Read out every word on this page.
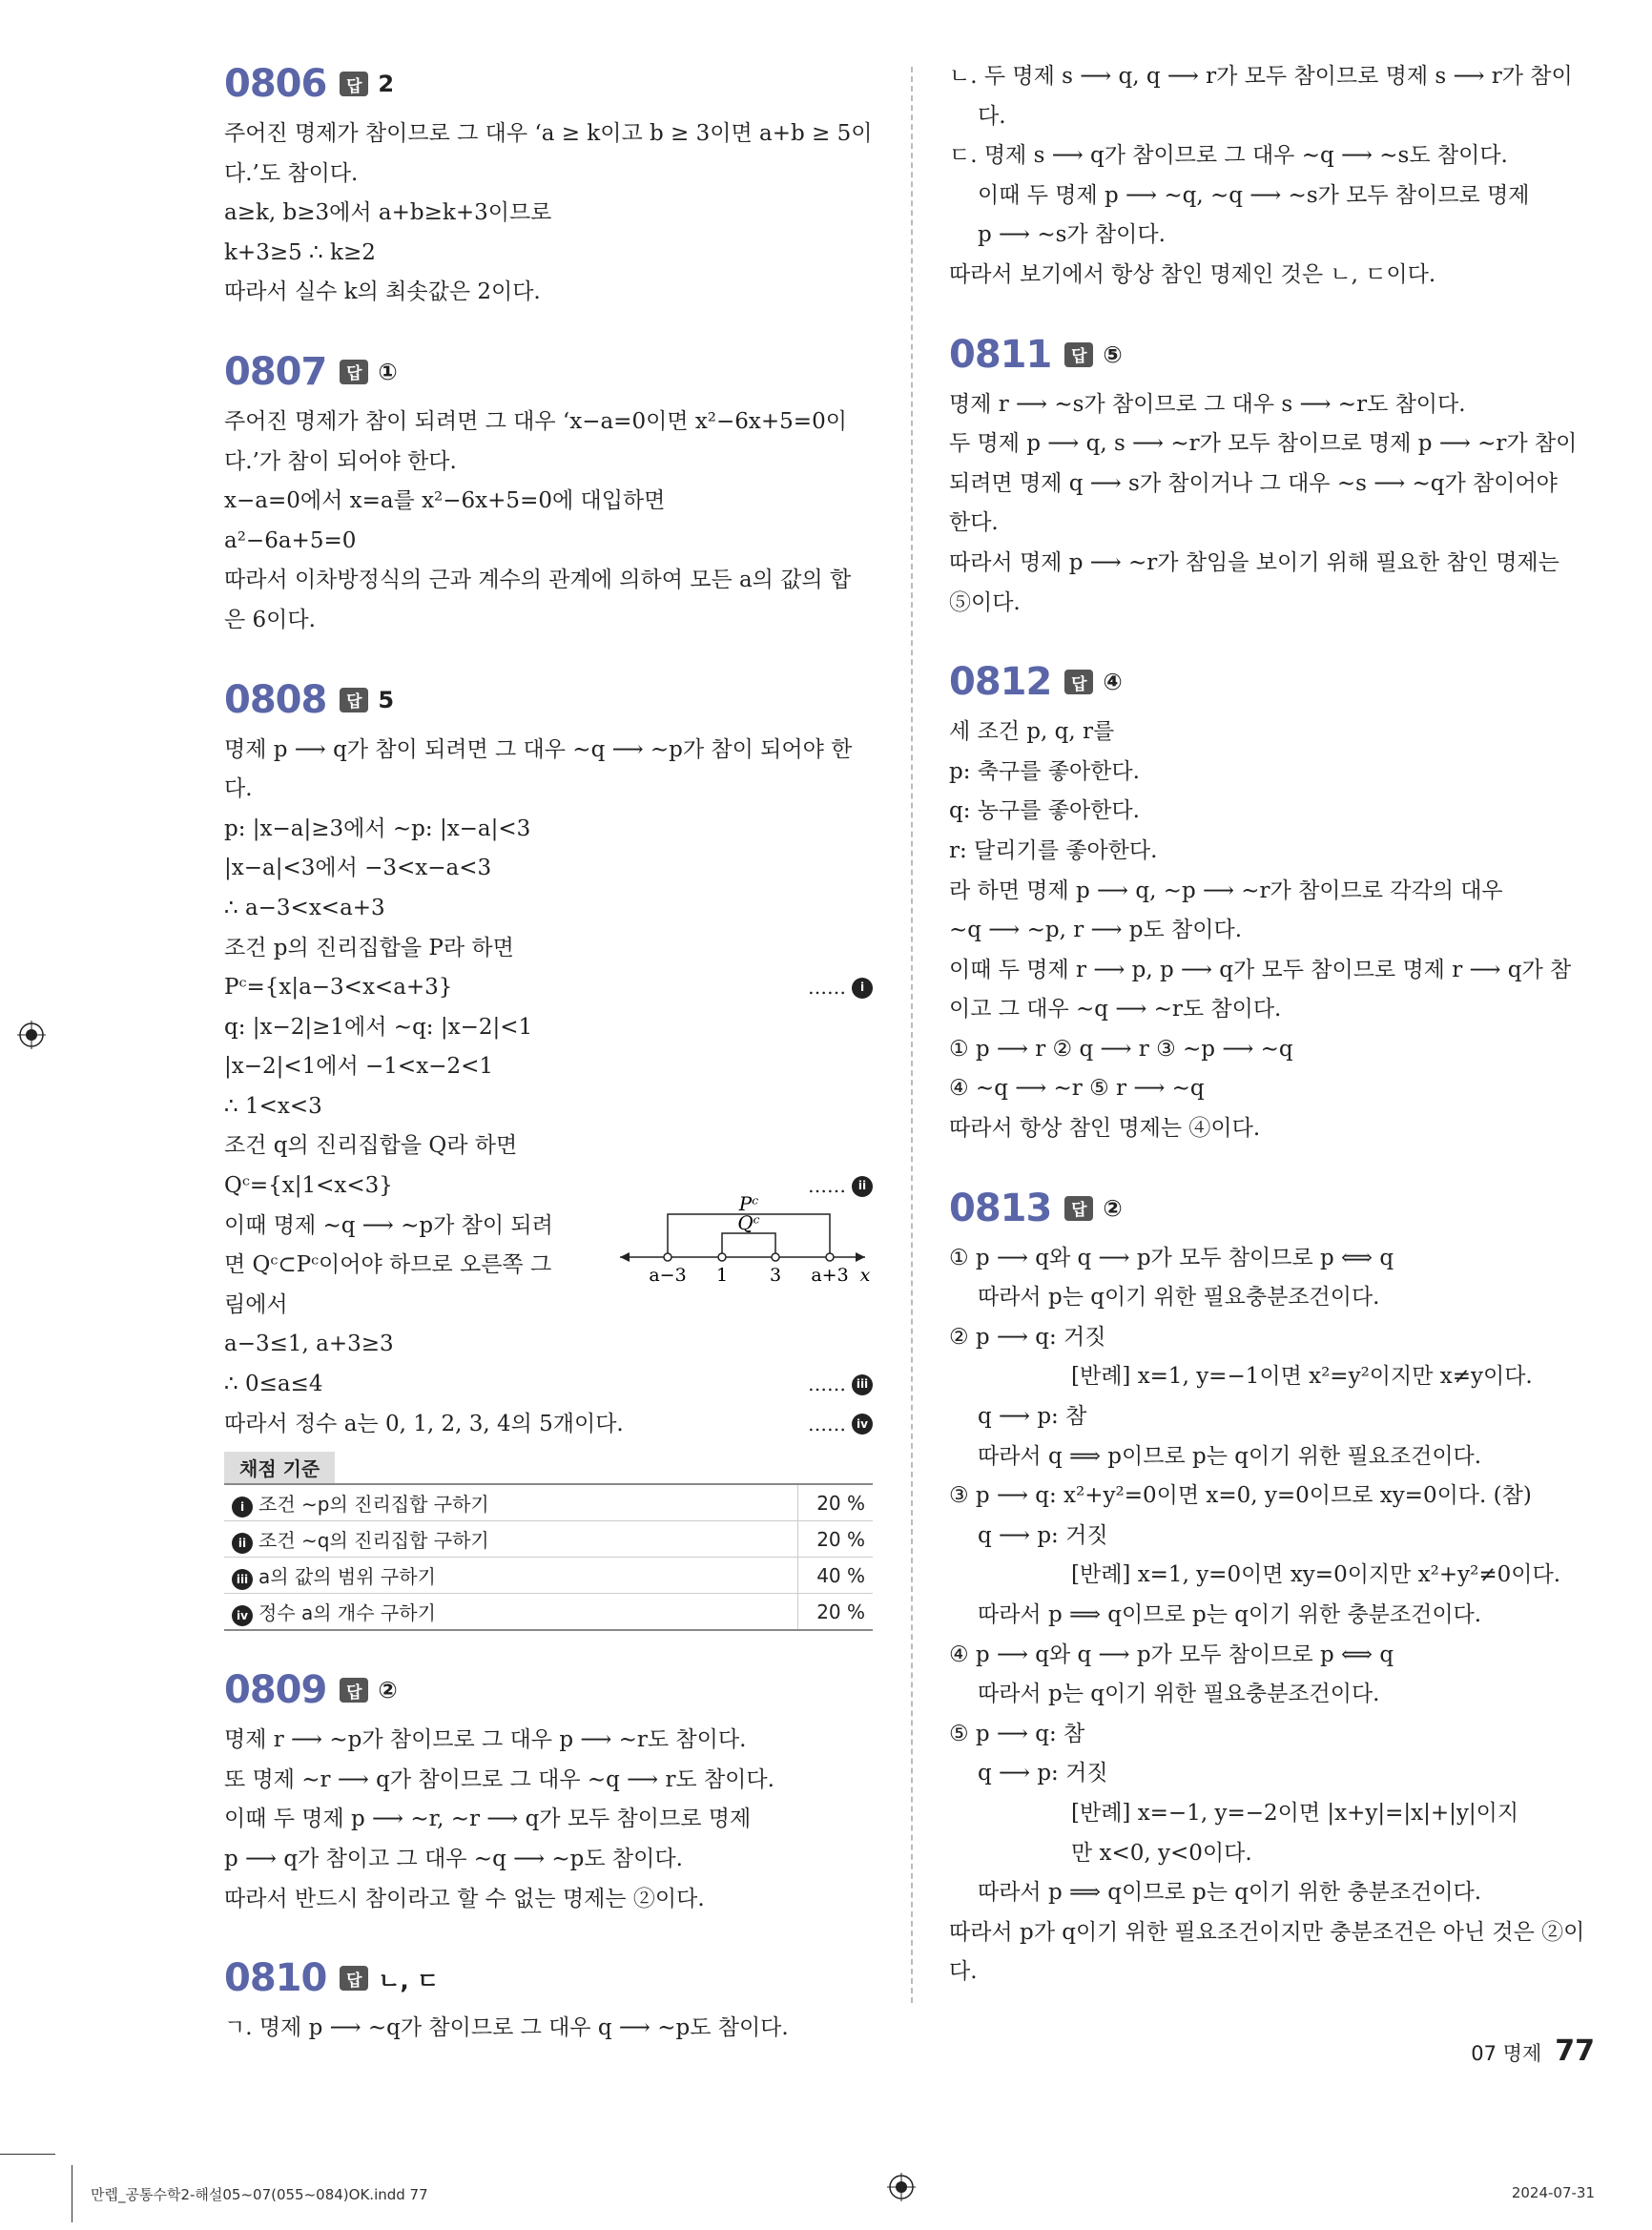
0806	답 2
주어진 명제가 참이므로 그 대우 ‘a ≥ k이고 b ≥ 3이면 a+b ≥ 5이
다.’도 참이다.
a≥k, b≥3에서 a+b≥k+3이므로
k+3≥5 ∴ k≥2
따라서 실수 k의 최솟값은 2이다.
0807	답 ①
주어진 명제가 참이 되려면 그 대우 ‘x−a=0이면 x²−6x+5=0이
다.’가 참이 되어야 한다.
x−a=0에서 x=a를 x²−6x+5=0에 대입하면
a²−6a+5=0
따라서 이차방정식의 근과 계수의 관계에 의하여 모든 a의 값의 합
은 6이다.
0808	답 5
명제 p ⟶ q가 참이 되려면 그 대우 ∼q ⟶ ∼p가 참이 되어야 한
다.
p: |x−a|≥3에서 ∼p: |x−a|<3
|x−a|<3에서 −3<x−a<3
∴ a−3<x<a+3
조건 p의 진리집합을 P라 하면
Pᶜ={x|a−3<x<a+3}	……	i
q: |x−2|≥1에서 ∼q: |x−2|<1
|x−2|<1에서 −1<x−2<1
∴ 1<x<3
조건 q의 진리집합을 Q라 하면
Qᶜ={x|1<x<3}	……	ii
이때 명제 ∼q ⟶ ∼p가 참이 되려
면 Qᶜ⊂Pᶜ이어야 하므로 오른쪽 그
림에서
Pᶜ
Qᶜ
a−3 1 3 a+3 x
a−3≤1, a+3≥3
∴ 0≤a≤4	…… iii
따라서 정수 a는 0, 1, 2, 3, 4의 5개이다.	…… iv
채점 기준
i 조건 ∼p의 진리집합 구하기	20 %
ii 조건 ∼q의 진리집합 구하기	20 %
iii a의 값의 범위 구하기	40 %
iv 정수 a의 개수 구하기	20 %
0809	답 ②
명제 r ⟶ ∼p가 참이므로 그 대우 p ⟶ ∼r도 참이다.
또 명제 ∼r ⟶ q가 참이므로 그 대우 ∼q ⟶ r도 참이다.
이때 두 명제 p ⟶ ∼r, ∼r ⟶ q가 모두 참이므로 명제
p ⟶ q가 참이고 그 대우 ∼q ⟶ ∼p도 참이다.
따라서 반드시 참이라고 할 수 없는 명제는 ②이다.
0810	답 ㄴ, ㄷ
ㄱ. 명제 p ⟶ ∼q가 참이므로 그 대우 q ⟶ ∼p도 참이다.
ㄴ. 두 명제 s ⟶ q, q ⟶ r가 모두 참이므로 명제 s ⟶ r가 참이
다.
ㄷ. 명제 s ⟶ q가 참이므로 그 대우 ∼q ⟶ ∼s도 참이다.
이때 두 명제 p ⟶ ∼q, ∼q ⟶ ∼s가 모두 참이므로 명제
p ⟶ ∼s가 참이다.
따라서 보기에서 항상 참인 명제인 것은 ㄴ, ㄷ이다.
0811	답 ⑤
명제 r ⟶ ∼s가 참이므로 그 대우 s ⟶ ∼r도 참이다.
두 명제 p ⟶ q, s ⟶ ∼r가 모두 참이므로 명제 p ⟶ ∼r가 참이
되려면 명제 q ⟶ s가 참이거나 그 대우 ∼s ⟶ ∼q가 참이어야
한다.
따라서 명제 p ⟶ ∼r가 참임을 보이기 위해 필요한 참인 명제는
⑤이다.
0812	답 ④
세 조건 p, q, r를
p: 축구를 좋아한다.
q: 농구를 좋아한다.
r: 달리기를 좋아한다.
라 하면 명제 p ⟶ q, ∼p ⟶ ∼r가 참이므로 각각의 대우
∼q ⟶ ∼p, r ⟶ p도 참이다.
이때 두 명제 r ⟶ p, p ⟶ q가 모두 참이므로 명제 r ⟶ q가 참
이고 그 대우 ∼q ⟶ ∼r도 참이다.
① p ⟶ r ② q ⟶ r ③ ∼p ⟶ ∼q
④ ∼q ⟶ ∼r ⑤ r ⟶ ∼q
따라서 항상 참인 명제는 ④이다.
0813	답 ②
① p ⟶ q와 q ⟶ p가 모두 참이므로 p ⟺ q
따라서 p는 q이기 위한 필요충분조건이다.
② p ⟶ q: 거짓
[반례] x=1, y=−1이면 x²=y²이지만 x≠y이다.
q ⟶ p: 참
따라서 q ⟹ p이므로 p는 q이기 위한 필요조건이다.
③ p ⟶ q: x²+y²=0이면 x=0, y=0이므로 xy=0이다. (참)
q ⟶ p: 거짓
[반례] x=1, y=0이면 xy=0이지만 x²+y²≠0이다.
따라서 p ⟹ q이므로 p는 q이기 위한 충분조건이다.
④ p ⟶ q와 q ⟶ p가 모두 참이므로 p ⟺ q
따라서 p는 q이기 위한 필요충분조건이다.
⑤ p ⟶ q: 참
q ⟶ p: 거짓
[반례] x=−1, y=−2이면 |x+y|=|x|+|y|이지
만 x<0, y<0이다.
따라서 p ⟹ q이므로 p는 q이기 위한 충분조건이다.
따라서 p가 q이기 위한 필요조건이지만 충분조건은 아닌 것은 ②이
다.
07 명제 77
만렙_공통수학2-해설05~07(055~084)OK.indd 77	2024-07-31
